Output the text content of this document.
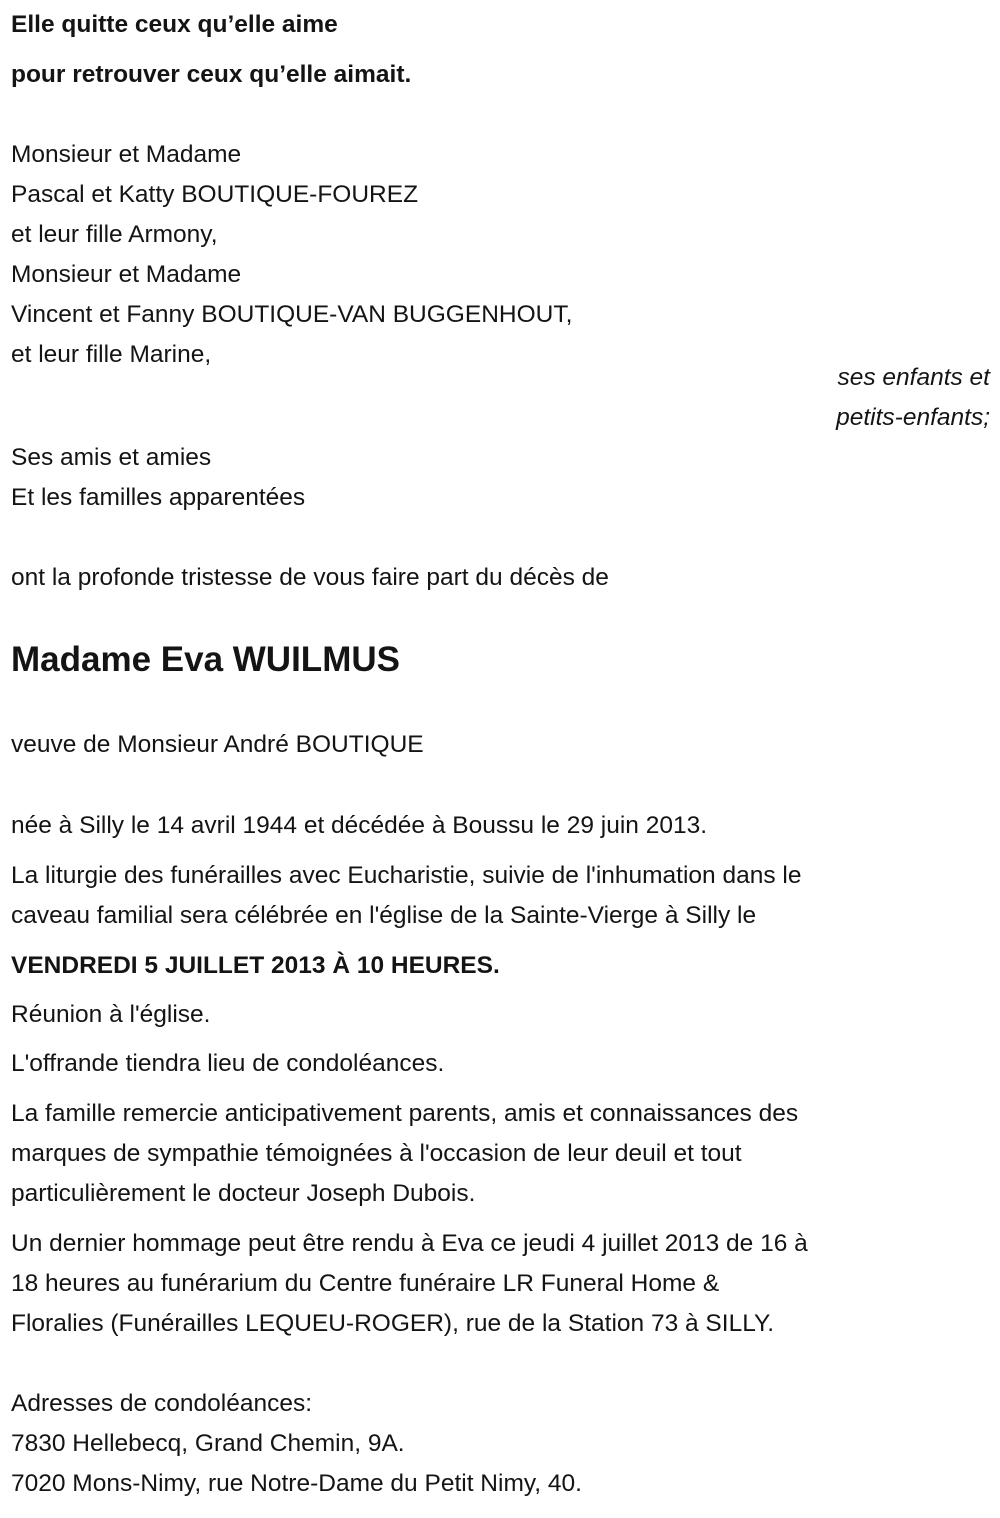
Elle quitte ceux qu’elle aime
pour retrouver ceux qu’elle aimait.
Monsieur et Madame
Pascal et Katty BOUTIQUE-FOUREZ
et leur fille Armony,
Monsieur et Madame
Vincent et Fanny BOUTIQUE-VAN BUGGENHOUT,
et leur fille Marine,
ses enfants et
petits-enfants;
Ses amis et amies
Et les familles apparentées
ont la profonde tristesse de vous faire part du décès de
Madame Eva WUILMUS
veuve de Monsieur André BOUTIQUE
née à Silly le 14 avril 1944 et décédée à Boussu le 29 juin 2013.
La liturgie des funérailles avec Eucharistie, suivie de l'inhumation dans le
caveau familial sera célébrée en l'église de la Sainte-Vierge à Silly le
VENDREDI 5 JUILLET 2013 À 10 HEURES.
Réunion à l'église.
L'offrande tiendra lieu de condoléances.
La famille remercie anticipativement parents, amis et connaissances des
marques de sympathie témoignées à l'occasion de leur deuil et tout
particulièrement le docteur Joseph Dubois.
Un dernier hommage peut être rendu à Eva ce jeudi 4 juillet 2013 de 16 à
18 heures au funérarium du Centre funéraire LR Funeral Home &
Floralies (Funérailles LEQUEU-ROGER), rue de la Station 73 à SILLY.
Adresses de condoléances:
7830 Hellebecq, Grand Chemin, 9A.
7020 Mons-Nimy, rue Notre-Dame du Petit Nimy, 40.
